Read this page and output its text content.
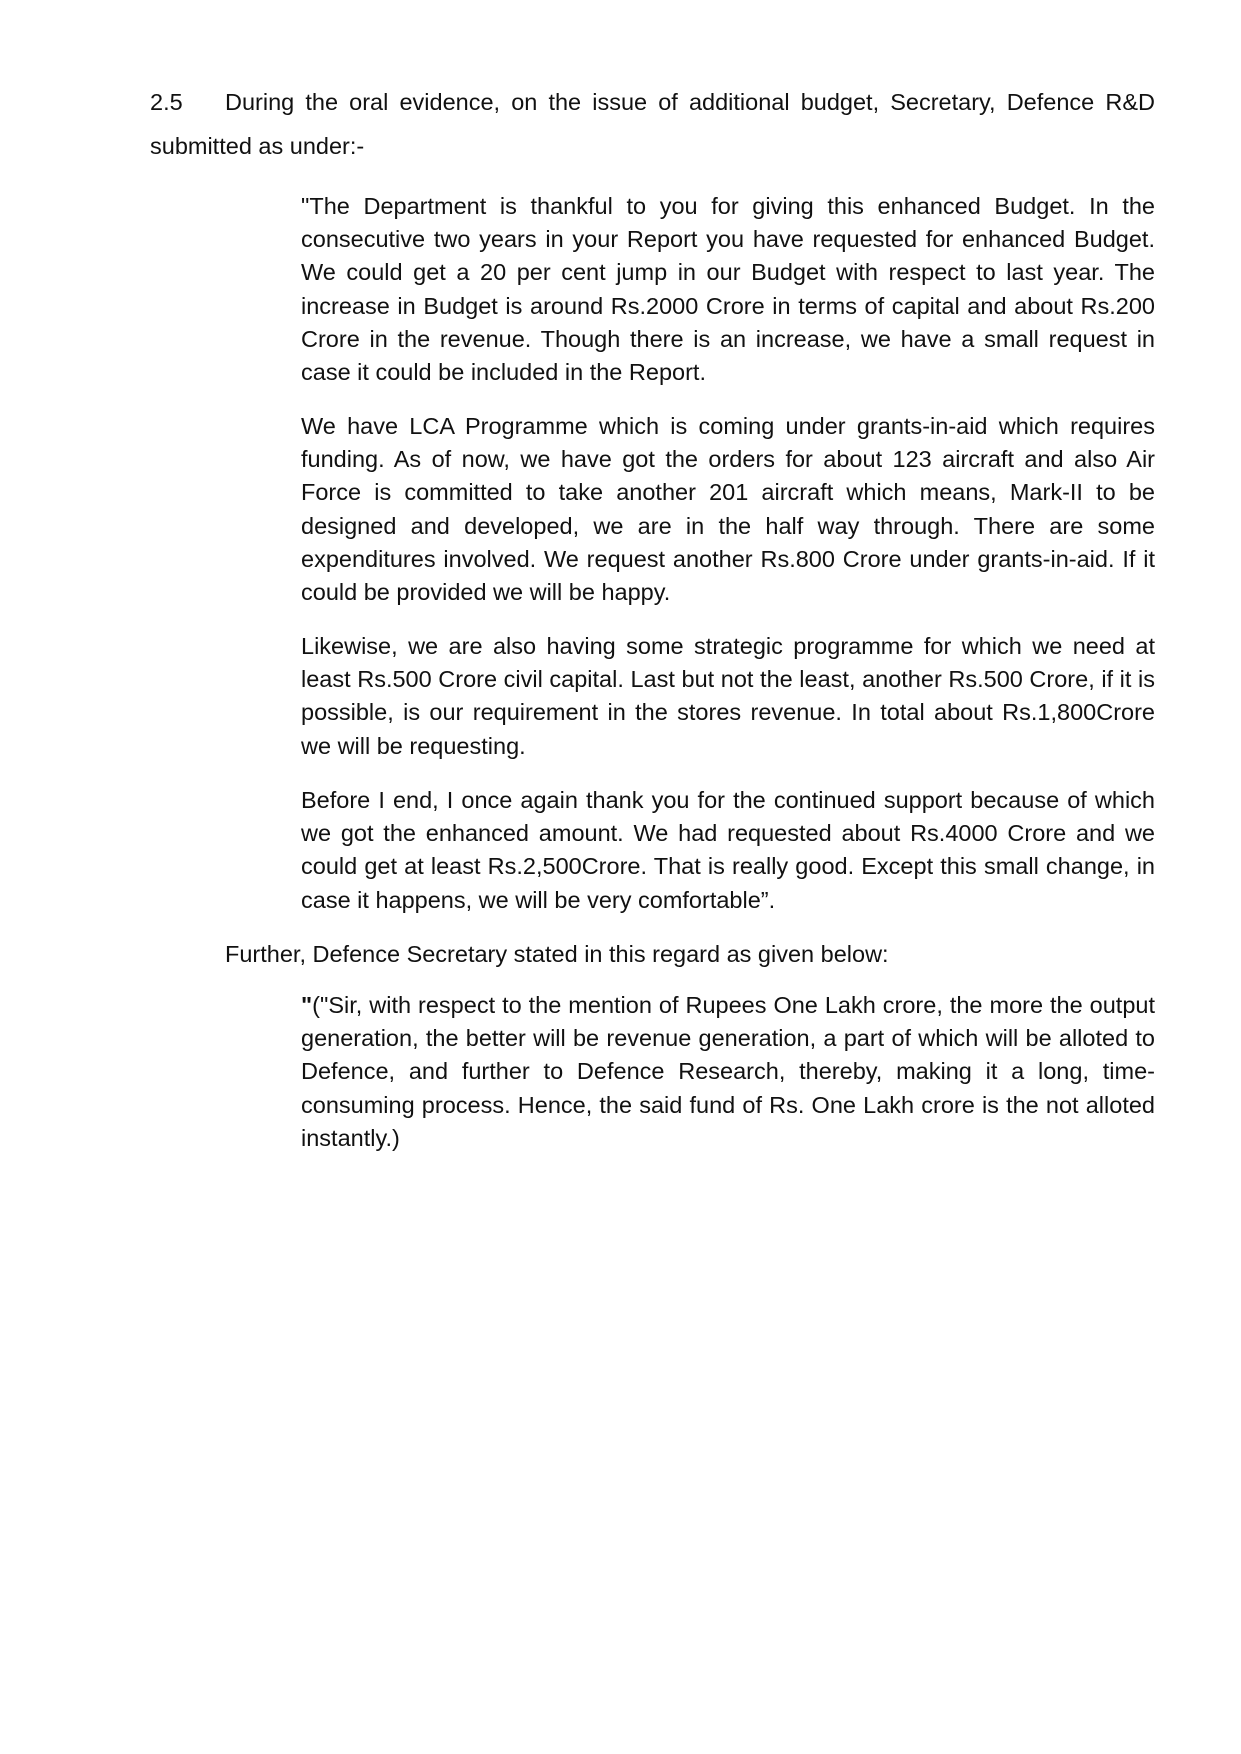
2.5 During the oral evidence, on the issue of additional budget, Secretary, Defence R&D submitted as under:-

"The Department is thankful to you for giving this enhanced Budget. In the consecutive two years in your Report you have requested for enhanced Budget. We could get a 20 per cent jump in our Budget with respect to last year. The increase in Budget is around Rs.2000 Crore in terms of capital and about Rs.200 Crore in the revenue. Though there is an increase, we have a small request in case it could be included in the Report.

We have LCA Programme which is coming under grants-in-aid which requires funding. As of now, we have got the orders for about 123 aircraft and also Air Force is committed to take another 201 aircraft which means, Mark-II to be designed and developed, we are in the half way through. There are some expenditures involved. We request another Rs.800 Crore under grants-in-aid. If it could be provided we will be happy.

Likewise, we are also having some strategic programme for which we need at least Rs.500 Crore civil capital. Last but not the least, another Rs.500 Crore, if it is possible, is our requirement in the stores revenue. In total about Rs.1,800Crore we will be requesting.

Before I end, I once again thank you for the continued support because of which we got the enhanced amount. We had requested about Rs.4000 Crore and we could get at least Rs.2,500Crore. That is really good. Except this small change, in case it happens, we will be very comfortable”.

Further, Defence Secretary stated in this regard as given below:

"("Sir, with respect to the mention of Rupees One Lakh crore, the more the output generation, the better will be revenue generation, a part of which will be alloted to Defence, and further to Defence Research, thereby, making it a long, time-consuming process. Hence, the said fund of Rs. One Lakh crore is the not alloted instantly.)
